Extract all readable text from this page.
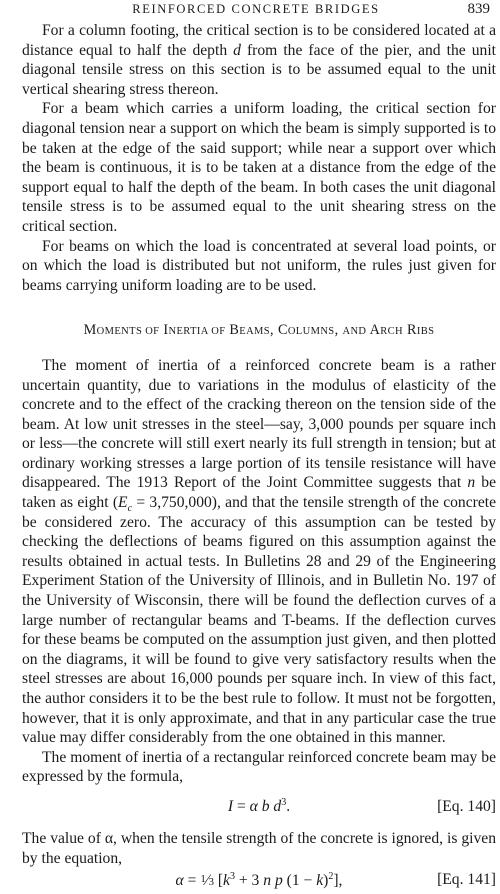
REINFORCED CONCRETE BRIDGES	839

For a column footing, the critical section is to be considered located at a distance equal to half the depth d from the face of the pier, and the unit diagonal tensile stress on this section is to be assumed equal to the unit vertical shearing stress thereon.

For a beam which carries a uniform loading, the critical section for diagonal tension near a support on which the beam is simply supported is to be taken at the edge of the said support; while near a support over which the beam is continuous, it is to be taken at a distance from the edge of the support equal to half the depth of the beam. In both cases the unit diagonal tensile stress is to be assumed equal to the unit shearing stress on the critical section.

For beams on which the load is concentrated at several load points, or on which the load is distributed but not uniform, the rules just given for beams carrying uniform loading are to be used.

MOMENTS OF INERTIA OF BEAMS, COLUMNS, AND ARCH RIBS

The moment of inertia of a reinforced concrete beam is a rather uncertain quantity, due to variations in the modulus of elasticity of the concrete and to the effect of the cracking thereon on the tension side of the beam. At low unit stresses in the steel—say, 3,000 pounds per square inch or less—the concrete will still exert nearly its full strength in tension; but at ordinary working stresses a large portion of its tensile resistance will have disappeared. The 1913 Report of the Joint Committee suggests that n be taken as eight $(E_c = 3,750,000)$, and that the tensile strength of the concrete be considered zero. The accuracy of this assumption can be tested by checking the deflections of beams figured on this assumption against the results obtained in actual tests. In Bulletins 28 and 29 of the Engineering Experiment Station of the University of Illinois, and in Bulletin No. 197 of the University of Wisconsin, there will be found the deflection curves of a large number of rectangular beams and T-beams. If the deflection curves for these beams be computed on the assumption just given, and then plotted on the diagrams, it will be found to give very satisfactory results when the steel stresses are about 16,000 pounds per square inch. In view of this fact, the author considers it to be the best rule to follow. It must not be forgotten, however, that it is only approximate, and that in any particular case the true value may differ considerably from the one obtained in this manner.

The moment of inertia of a rectangular reinforced concrete beam may be expressed by the formula,

I = α b $d^3$.	[Eq. 140]

The value of α, when the tensile strength of the concrete is ignored, is given by the equation,

α = 1⁄3 [$k^3 + 3$ n p $(1 - k)^2$],	[Eq. 141]
